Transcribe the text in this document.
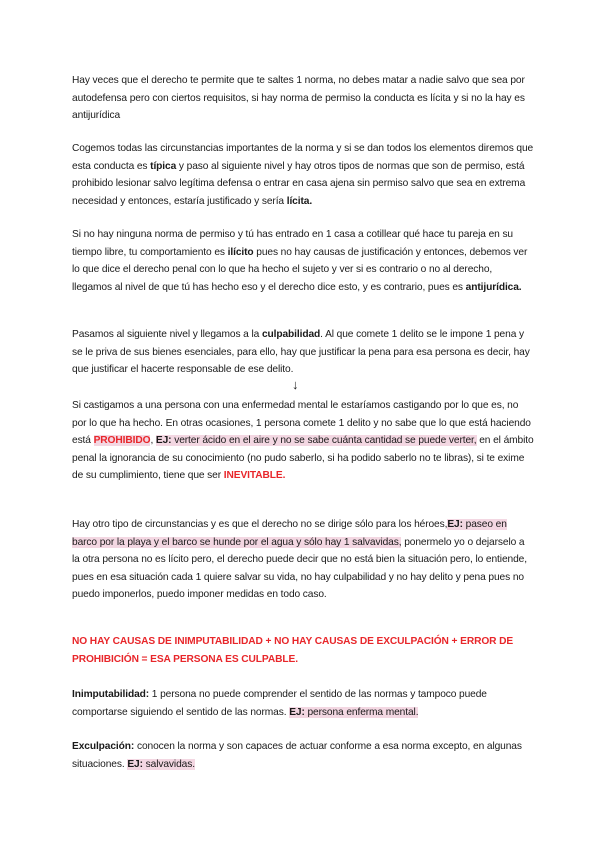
Hay veces que el derecho te permite que te saltes 1 norma, no debes matar a nadie salvo que sea por autodefensa pero con ciertos requisitos, si hay norma de permiso la conducta es lícita y si no la hay es antijurídica

Cogemos todas las circunstancias importantes de la norma y si se dan todos los elementos diremos que esta conducta es típica y paso al siguiente nivel y hay otros tipos de normas que son de permiso, está prohibido lesionar salvo legítima defensa o entrar en casa ajena sin permiso salvo que sea en extrema necesidad y entonces, estaría justificado y sería lícita.

Si no hay ninguna norma de permiso y tú has entrado en 1 casa a cotillear qué hace tu pareja en su tiempo libre, tu comportamiento es ilícito pues no hay causas de justificación y entonces, debemos ver lo que dice el derecho penal con lo que ha hecho el sujeto y ver si es contrario o no al derecho, llegamos al nivel de que tú has hecho eso y el derecho dice esto, y es contrario, pues es antijurídica.

Pasamos al siguiente nivel y llegamos a la culpabilidad. Al que comete 1 delito se le impone 1 pena y se le priva de sus bienes esenciales, para ello, hay que justificar la pena para esa persona es decir, hay que justificar el hacerte responsable de ese delito.

↓

Si castigamos a una persona con una enfermedad mental le estaríamos castigando por lo que es, no por lo que ha hecho. En otras ocasiones, 1 persona comete 1 delito y no sabe que lo que está haciendo está PROHIBIDO, EJ: verter ácido en el aire y no se sabe cuánta cantidad se puede verter, en el ámbito penal la ignorancia de su conocimiento (no pudo saberlo, si ha podido saberlo no te libras), si te exime de su cumplimiento, tiene que ser INEVITABLE.

Hay otro tipo de circunstancias y es que el derecho no se dirige sólo para los héroes,EJ: paseo en barco por la playa y el barco se hunde por el agua y sólo hay 1 salvavidas, ponermelo yo o dejarselo a la otra persona no es lícito pero, el derecho puede decir que no está bien la situación pero, lo entiende, pues en esa situación cada 1 quiere salvar su vida, no hay culpabilidad y no hay delito y pena pues no puedo imponerlos, puedo imponer medidas en todo caso.

NO HAY CAUSAS DE INIMPUTABILIDAD + NO HAY CAUSAS DE EXCULPACIÓN + ERROR DE PROHIBICIÓN = ESA PERSONA ES CULPABLE.

Inimputabilidad: 1 persona no puede comprender el sentido de las normas y tampoco puede comportarse siguiendo el sentido de las normas. EJ: persona enferma mental.

Exculpación: conocen la norma y son capaces de actuar conforme a esa norma excepto, en algunas situaciones. EJ: salvavidas.
